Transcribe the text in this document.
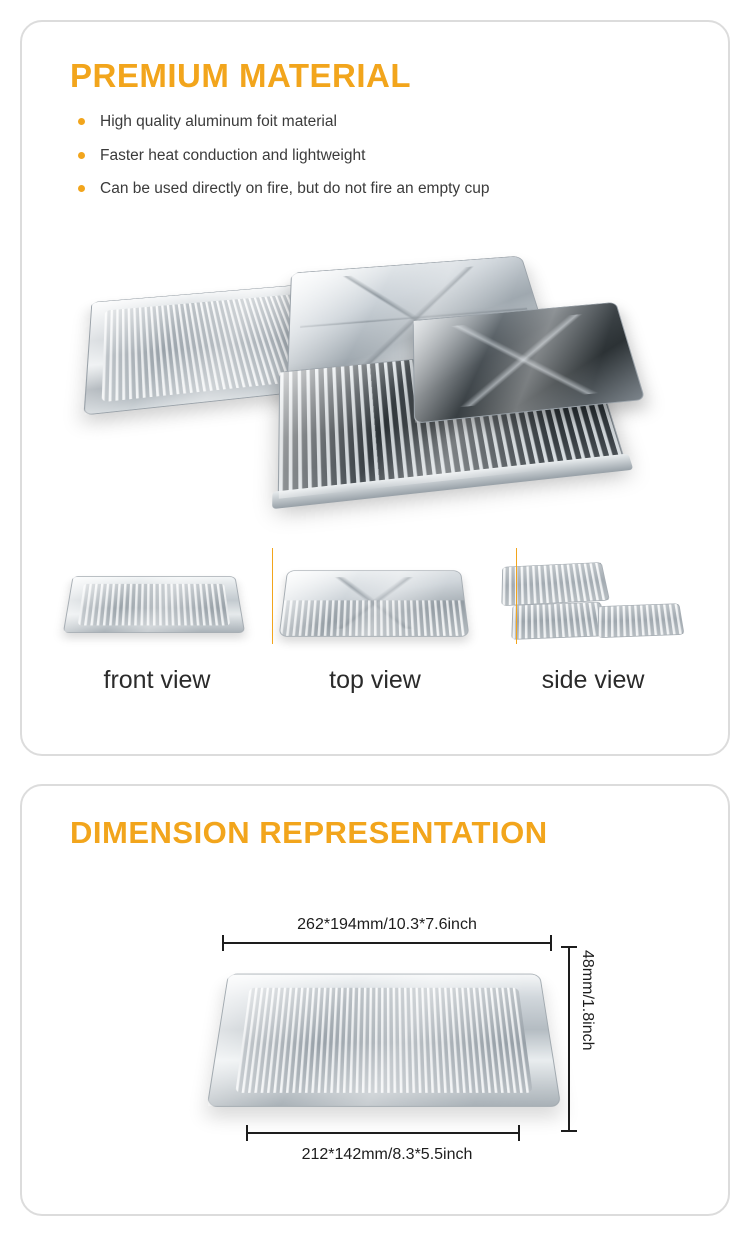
PREMIUM MATERIAL
High quality aluminum foit material
Faster heat conduction and lightweight
Can be used directly on fire, but do not fire an empty cup
front view	top view	side view
DIMENSION REPRESENTATION
262*194mm/10.3*7.6inch
212*142mm/8.3*5.5inch
48mm/1.8inch
